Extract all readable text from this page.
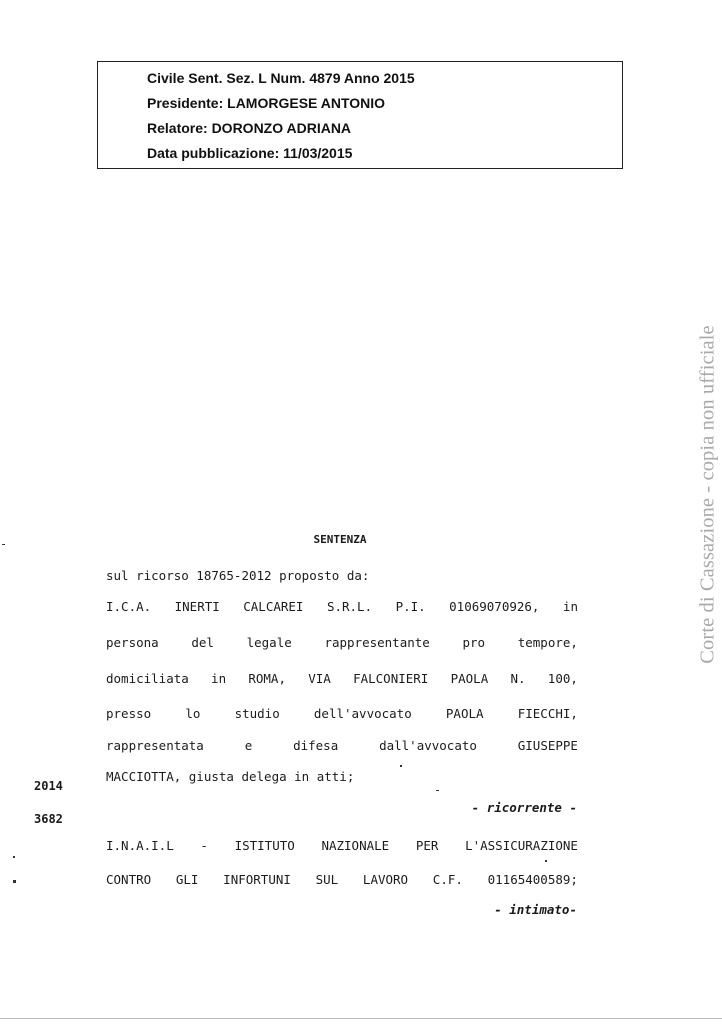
Civile Sent. Sez. L Num. 4879 Anno 2015
Presidente: LAMORGESE ANTONIO
Relatore: DORONZO ADRIANA
Data pubblicazione: 11/03/2015
Corte di Cassazione - copia non ufficiale
SENTENZA
sul ricorso 18765-2012 proposto da:
I.C.A. INERTI CALCAREI S.R.L. P.I. 01069070926, in
persona	del	legale	rappresentante	pro	tempore,
domiciliata in ROMA, VIA FALCONIERI PAOLA N. 100,
presso	lo	studio	dell'avvocato	PAOLA	FIECCHI,
rappresentata	e	difesa	dall'avvocato	GIUSEPPE
MACCIOTTA, giusta delega in atti;
- ricorrente -
I.N.A.I.L - ISTITUTO NAZIONALE PER L'ASSICURAZIONE
CONTRO GLI INFORTUNI SUL LAVORO C.F. 01165400589;
- intimato-
2014
3682
